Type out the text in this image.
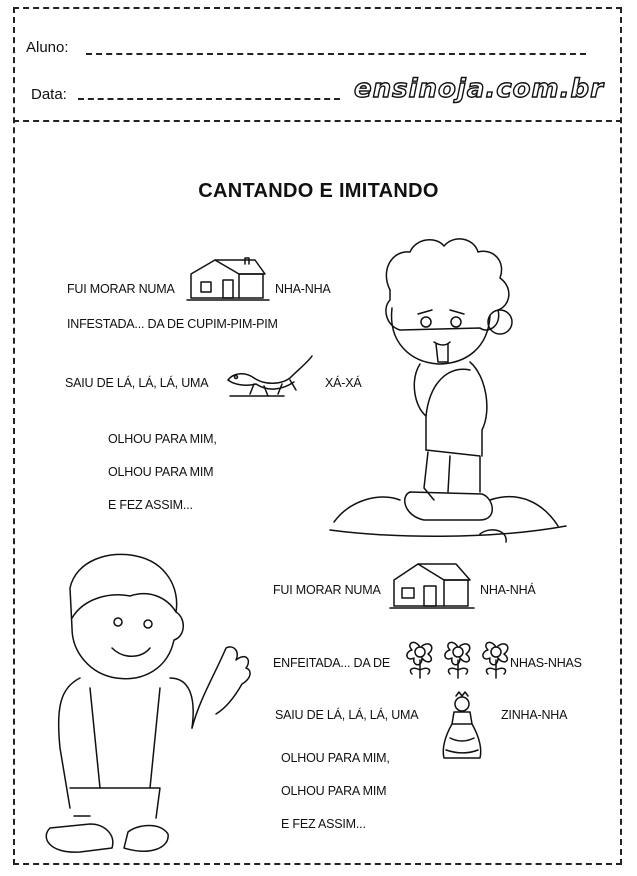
Aluno:
Data:	ensinoja.com.br
CANTANDO E IMITANDO
FUI MORAR NUMA	NHA-NHA
INFESTADA... DA DE CUPIM-PIM-PIM
SAIU DE LÁ, LÁ, LÁ, UMA	XÁ-XÁ
OLHOU PARA MIM,
OLHOU PARA MIM
E FEZ ASSIM...
FUI MORAR NUMA	NHA-NHÁ
ENFEITADA... DA DE	NHAS-NHAS
SAIU DE LÁ, LÁ, LÁ, UMA	ZINHA-NHA
OLHOU PARA MIM,
OLHOU PARA MIM
E FEZ ASSIM...
